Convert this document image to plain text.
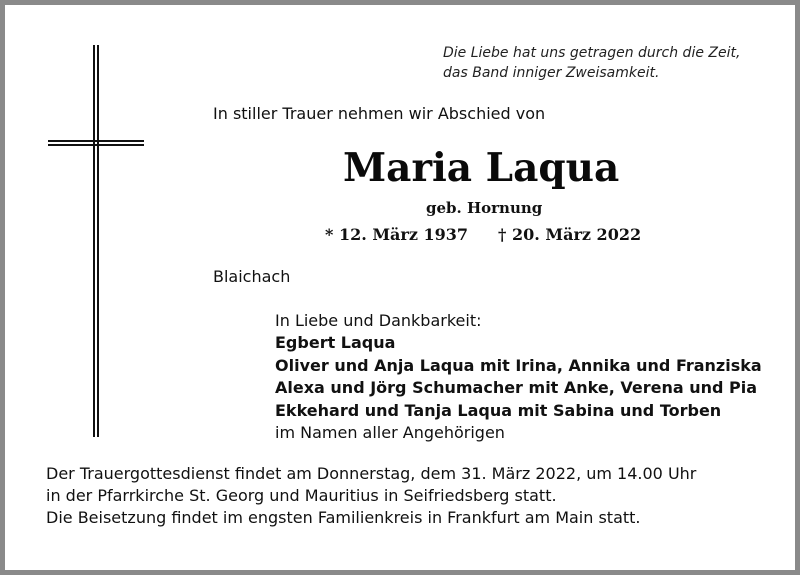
Die Liebe hat uns getragen durch die Zeit,
das Band inniger Zweisamkeit.
In stiller Trauer nehmen wir Abschied von
Maria Laqua
geb. Hornung
* 12. März 1937 † 20. März 2022
Blaichach
In Liebe und Dankbarkeit:
Egbert Laqua
Oliver und Anja Laqua mit Irina, Annika und Franziska
Alexa und Jörg Schumacher mit Anke, Verena und Pia
Ekkehard und Tanja Laqua mit Sabina und Torben
im Namen aller Angehörigen
Der Trauergottesdienst findet am Donnerstag, dem 31. März 2022, um 14.00 Uhr
in der Pfarrkirche St. Georg und Mauritius in Seifriedsberg statt.
Die Beisetzung findet im engsten Familienkreis in Frankfurt am Main statt.
